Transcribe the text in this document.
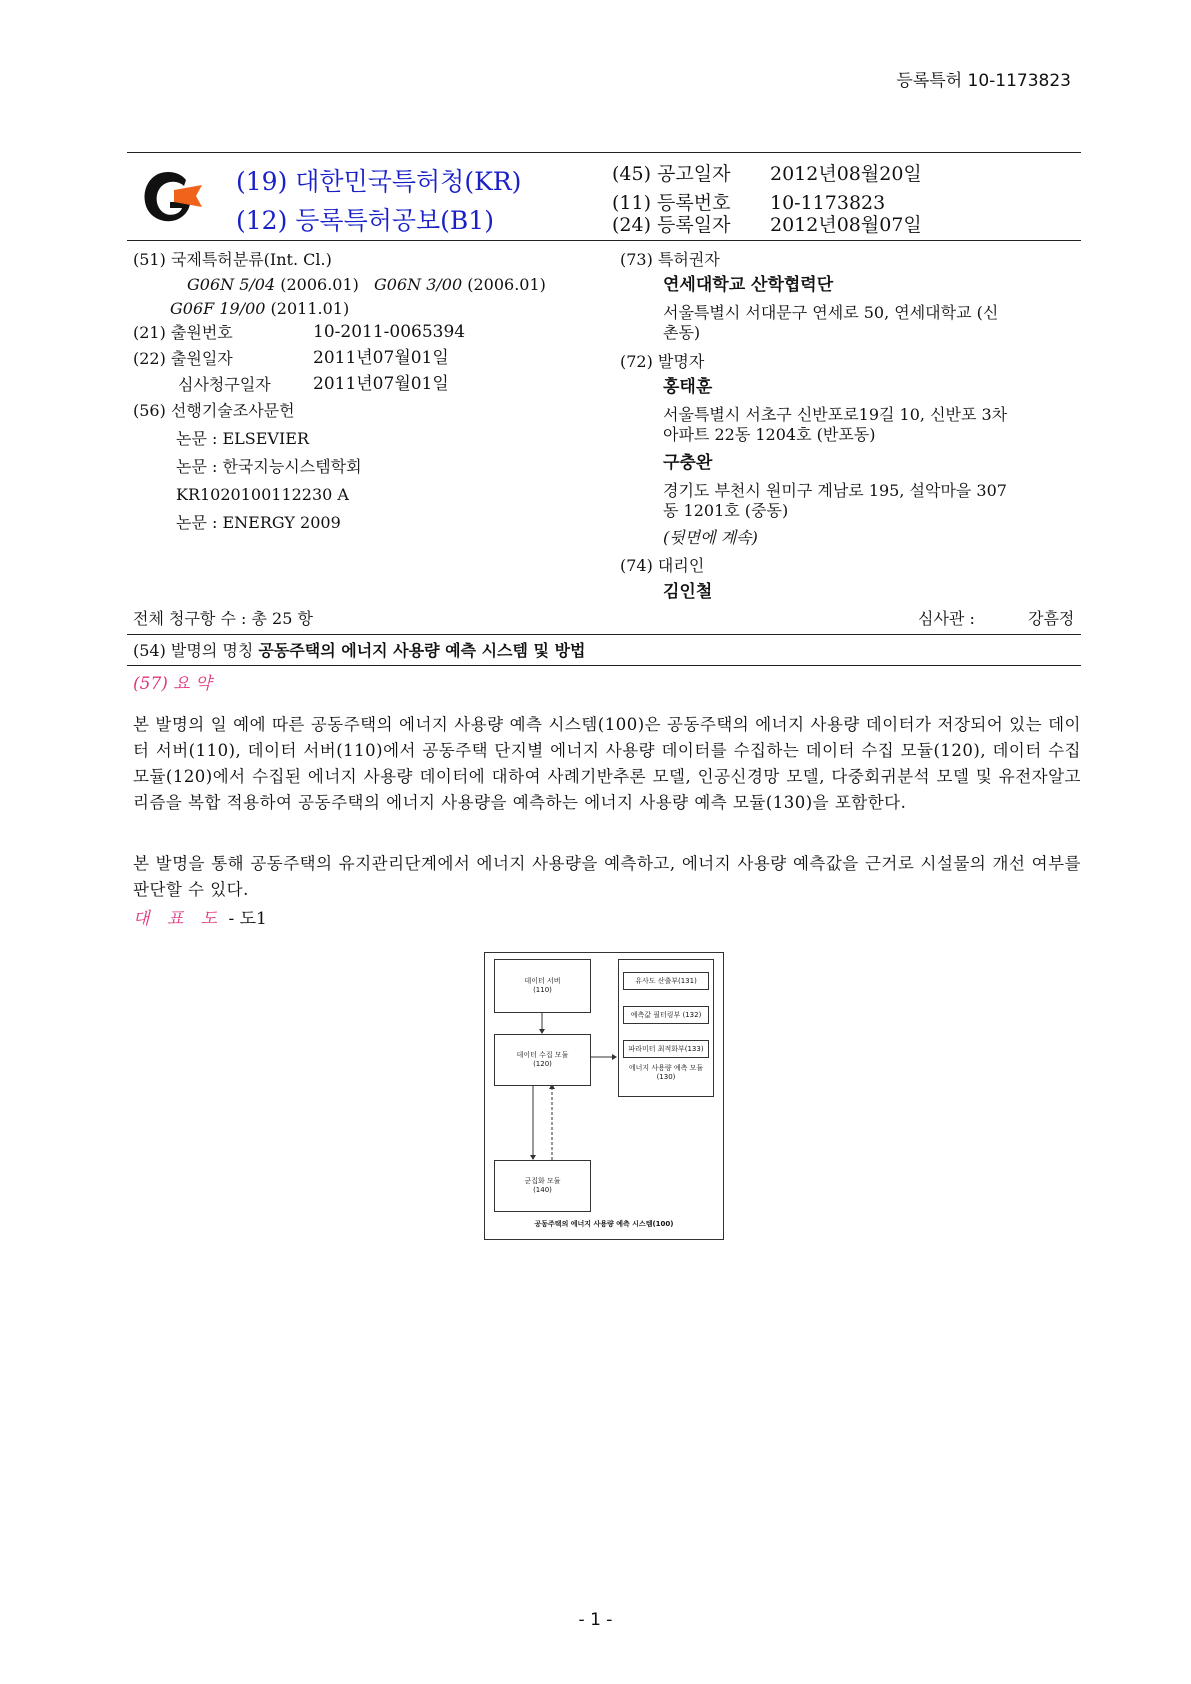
등록특허 10-1173823
(19) 대한민국특허청(KR)
(12) 등록특허공보(B1)
(45) 공고일자 2012년08월20일
(11) 등록번호 10-1173823
(24) 등록일자 2012년08월07일
(51) 국제특허분류(Int. Cl.)
G06N 5/04 (2006.01) G06N 3/00 (2006.01)
G06F 19/00 (2011.01)
(21) 출원번호	10-2011-0065394
(22) 출원일자	2011년07월01일
심사청구일자 2011년07월01일
(56) 선행기술조사문헌
논문 : ELSEVIER
논문 : 한국지능시스템학회
KR1020100112230 A
논문 : ENERGY 2009
(73) 특허권자
연세대학교 산학협력단
서울특별시 서대문구 연세로 50, 연세대학교 (신
촌동)
(72) 발명자
홍태훈
서울특별시 서초구 신반포로19길 10, 신반포 3차
아파트 22동 1204호 (반포동)
구충완
경기도 부천시 원미구 계남로 195, 설악마을 307
동 1201호 (중동)
(뒷면에 계속)
(74) 대리인
김인철
전체 청구항 수 : 총 25 항	심사관 :	강흠정
(54) 발명의 명칭 공동주택의 에너지 사용량 예측 시스템 및 방법
(57) 요 약
본 발명의 일 예에 따른 공동주택의 에너지 사용량 예측 시스템(100)은 공동주택의 에너지 사용량 데이터가 저장되어 있는 데이터 서버(110), 데이터 서버(110)에서 공동주택 단지별 에너지 사용량 데이터를 수집하는 데이터 수집 모듈(120), 데이터 수집 모듈(120)에서 수집된 에너지 사용량 데이터에 대하여 사례기반추론 모델, 인공신경망 모델, 다중회귀분석 모델 및 유전자알고리즘을 복합 적용하여 공동주택의 에너지 사용량을 예측하는 에너지 사용량 예측 모듈(130)을 포함한다.
본 발명을 통해 공동주택의 유지관리단계에서 에너지 사용량을 예측하고, 에너지 사용량 예측값을 근거로 시설물의 개선 여부를 판단할 수 있다.
대 표 도 - 도1
데이터 서버
(110)
데이터 수집 모듈
(120)
군집화 모듈
(140)
유사도 산출부(131)
예측값 필터링부 (132)
파라미터 최적화부(133)
에너지 사용량 예측 모듈
(130)
공동주택의 에너지 사용량 예측 시스템(100)
- 1 -
